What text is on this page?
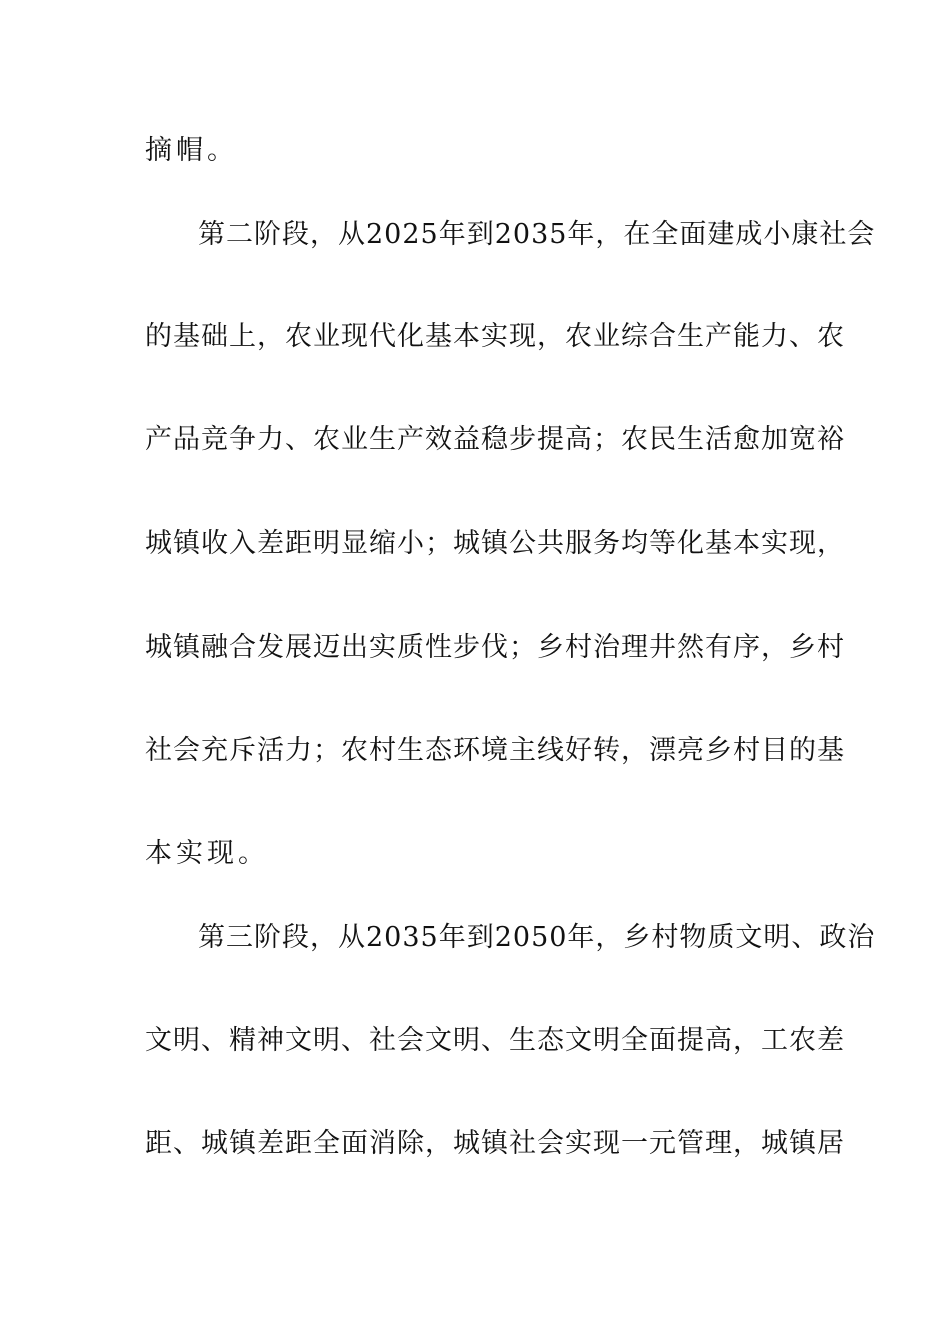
摘帽。
第二阶段，从2025年到2035年，在全面建成小康社会
的基础上，农业现代化基本实现，农业综合生产能力、农
产品竞争力、农业生产效益稳步提高；农民生活愈加宽裕
城镇收入差距明显缩小；城镇公共服务均等化基本实现，
城镇融合发展迈出实质性步伐；乡村治理井然有序，乡村
社会充斥活力；农村生态环境主线好转，漂亮乡村目的基
本实现。
第三阶段，从2035年到2050年，乡村物质文明、政治
文明、精神文明、社会文明、生态文明全面提高，工农差
距、城镇差距全面消除，城镇社会实现一元管理，城镇居
